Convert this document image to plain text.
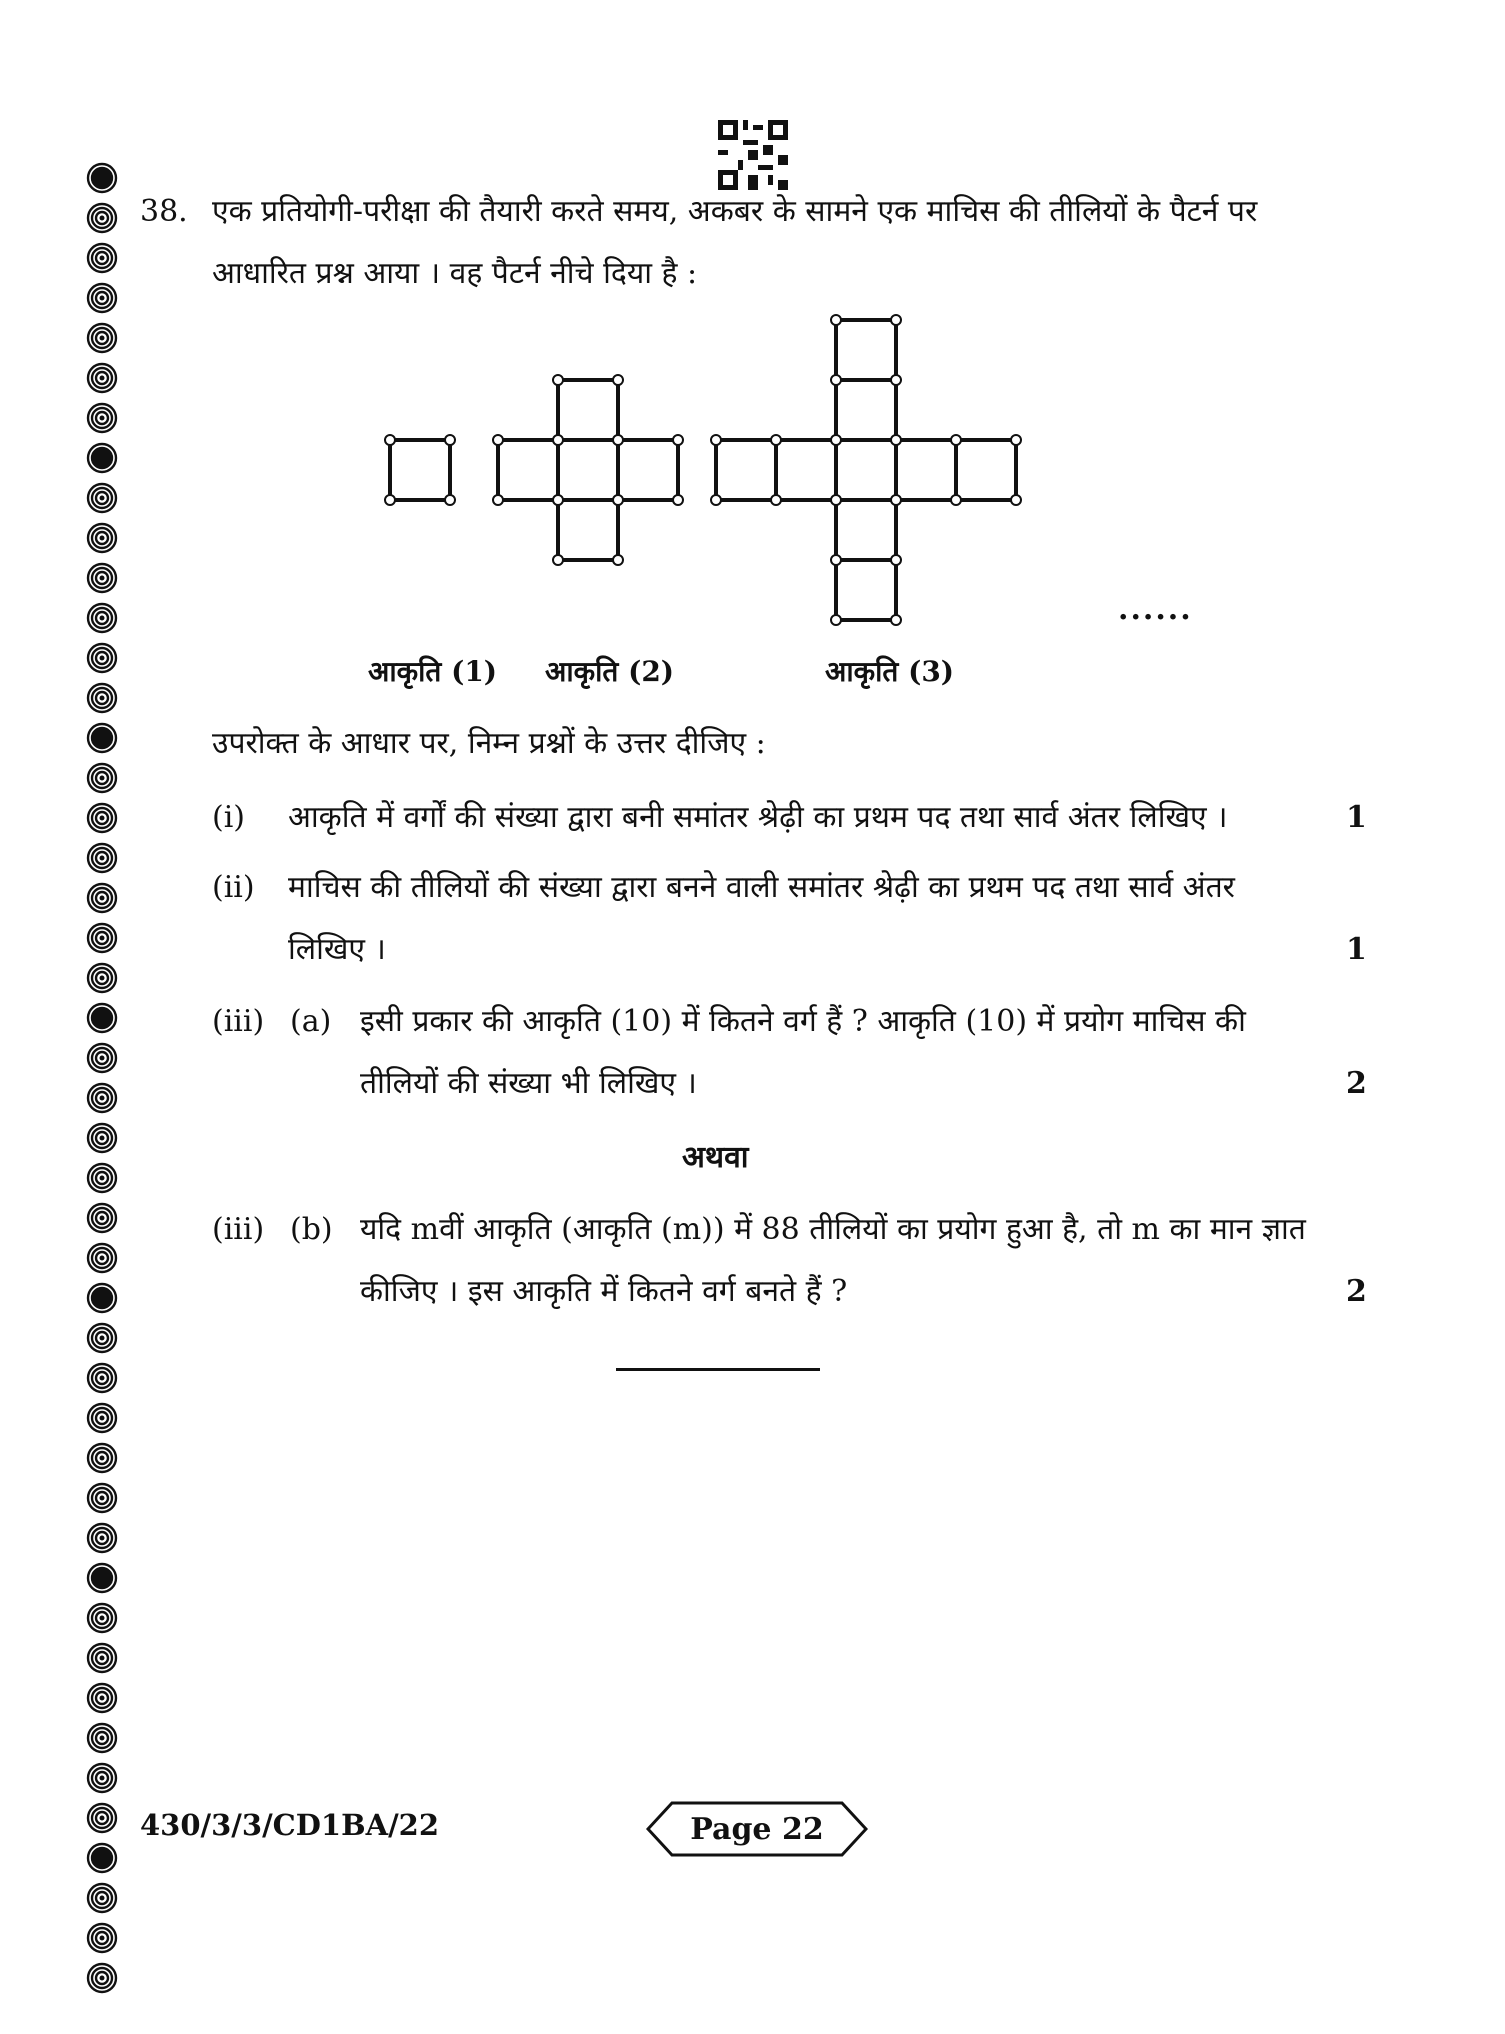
38. एक प्रतियोगी-परीक्षा की तैयारी करते समय, अकबर के सामने एक माचिस की तीलियों के पैटर्न पर
आधारित प्रश्न आया । वह पैटर्न नीचे दिया है :
आकृति (1) आकृति (2)	आकृति (3)
......
उपरोक्त के आधार पर, निम्न प्रश्नों के उत्तर दीजिए :
(i) आकृति में वर्गों की संख्या द्वारा बनी समांतर श्रेढ़ी का प्रथम पद तथा सार्व अंतर लिखिए ।	1
(ii) माचिस की तीलियों की संख्या द्वारा बनने वाली समांतर श्रेढ़ी का प्रथम पद तथा सार्व अंतर
लिखिए ।	1
(iii) (a) इसी प्रकार की आकृति (10) में कितने वर्ग हैं ? आकृति (10) में प्रयोग माचिस की
तीलियों की संख्या भी लिखिए ।	2
अथवा
(iii) (b) यदि mवीं आकृति (आकृति (m)) में 88 तीलियों का प्रयोग हुआ है, तो m का मान ज्ञात
कीजिए । इस आकृति में कितने वर्ग बनते हैं ?	2
430/3/3/CD1BA/22	Page 22
